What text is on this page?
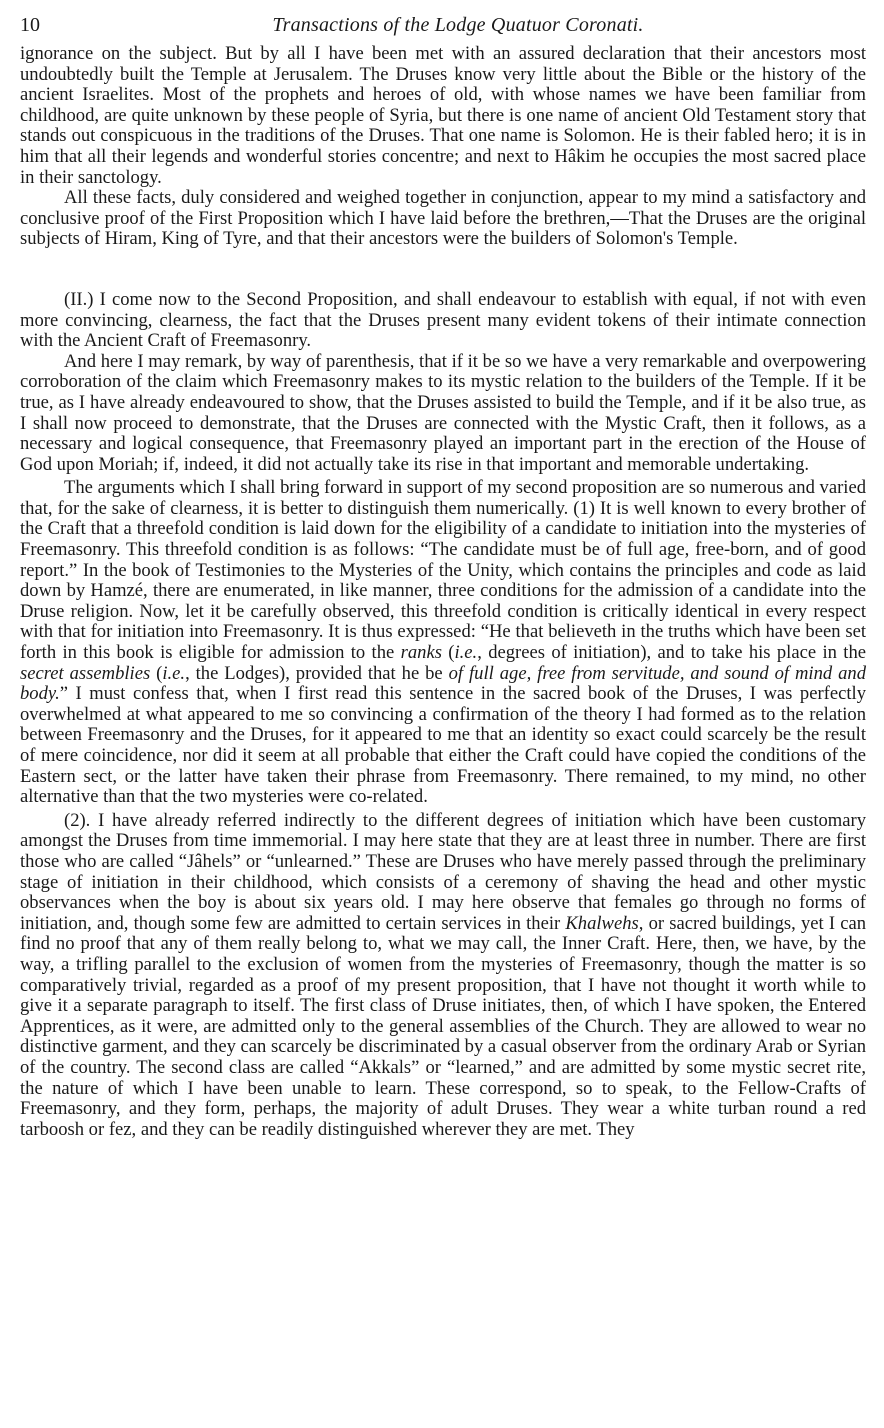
10	Transactions of the Lodge Quatuor Coronati.

ignorance on the subject. But by all I have been met with an assured declaration that their ancestors most undoubtedly built the Temple at Jerusalem. The Druses know very little about the Bible or the history of the ancient Israelites. Most of the prophets and heroes of old, with whose names we have been familiar from childhood, are quite unknown by these people of Syria, but there is one name of ancient Old Testament story that stands out conspicuous in the traditions of the Druses. That one name is Solomon. He is their fabled hero; it is in him that all their legends and wonderful stories concentre; and next to Hâkim he occupies the most sacred place in their sanctology.

All these facts, duly considered and weighed together in conjunction, appear to my mind a satisfactory and conclusive proof of the First Proposition which I have laid before the brethren,—That the Druses are the original subjects of Hiram, King of Tyre, and that their ancestors were the builders of Solomon's Temple.

(II.) I come now to the Second Proposition, and shall endeavour to establish with equal, if not with even more convincing, clearness, the fact that the Druses present many evident tokens of their intimate connection with the Ancient Craft of Freemasonry.

And here I may remark, by way of parenthesis, that if it be so we have a very remarkable and overpowering corroboration of the claim which Freemasonry makes to its mystic relation to the builders of the Temple. If it be true, as I have already endeavoured to show, that the Druses assisted to build the Temple, and if it be also true, as I shall now proceed to demonstrate, that the Druses are connected with the Mystic Craft, then it follows, as a necessary and logical consequence, that Freemasonry played an important part in the erection of the House of God upon Moriah; if, indeed, it did not actually take its rise in that important and memorable undertaking.

The arguments which I shall bring forward in support of my second proposition are so numerous and varied that, for the sake of clearness, it is better to distinguish them numerically. (1) It is well known to every brother of the Craft that a threefold condition is laid down for the eligibility of a candidate to initiation into the mysteries of Freemasonry. This threefold condition is as follows: “The candidate must be of full age, free-born, and of good report.” In the book of Testimonies to the Mysteries of the Unity, which contains the principles and code as laid down by Hamzé, there are enumerated, in like manner, three conditions for the admission of a candidate into the Druse religion. Now, let it be carefully observed, this threefold condition is critically identical in every respect with that for initiation into Freemasonry. It is thus expressed: “He that believeth in the truths which have been set forth in this book is eligible for admission to the ranks (i.e., degrees of initiation), and to take his place in the secret assemblies (i.e., the Lodges), provided that he be of full age, free from servitude, and sound of mind and body.” I must confess that, when I first read this sentence in the sacred book of the Druses, I was perfectly overwhelmed at what appeared to me so convincing a confirmation of the theory I had formed as to the relation between Freemasonry and the Druses, for it appeared to me that an identity so exact could scarcely be the result of mere coincidence, nor did it seem at all probable that either the Craft could have copied the conditions of the Eastern sect, or the latter have taken their phrase from Freemasonry. There remained, to my mind, no other alternative than that the two mysteries were co-related.

(2). I have already referred indirectly to the different degrees of initiation which have been customary amongst the Druses from time immemorial. I may here state that they are at least three in number. There are first those who are called “Jâhels” or “unlearned.” These are Druses who have merely passed through the preliminary stage of initiation in their childhood, which consists of a ceremony of shaving the head and other mystic observances when the boy is about six years old. I may here observe that females go through no forms of initiation, and, though some few are admitted to certain services in their Khalwehs, or sacred buildings, yet I can find no proof that any of them really belong to, what we may call, the Inner Craft. Here, then, we have, by the way, a trifling parallel to the exclusion of women from the mysteries of Freemasonry, though the matter is so comparatively trivial, regarded as a proof of my present proposition, that I have not thought it worth while to give it a separate paragraph to itself. The first class of Druse initiates, then, of which I have spoken, the Entered Apprentices, as it were, are admitted only to the general assemblies of the Church. They are allowed to wear no distinctive garment, and they can scarcely be discriminated by a casual observer from the ordinary Arab or Syrian of the country. The second class are called “Akkals” or “learned,” and are admitted by some mystic secret rite, the nature of which I have been unable to learn. These correspond, so to speak, to the Fellow-Crafts of Freemasonry, and they form, perhaps, the majority of adult Druses. They wear a white turban round a red tarboosh or fez, and they can be readily distinguished wherever they are met. They
